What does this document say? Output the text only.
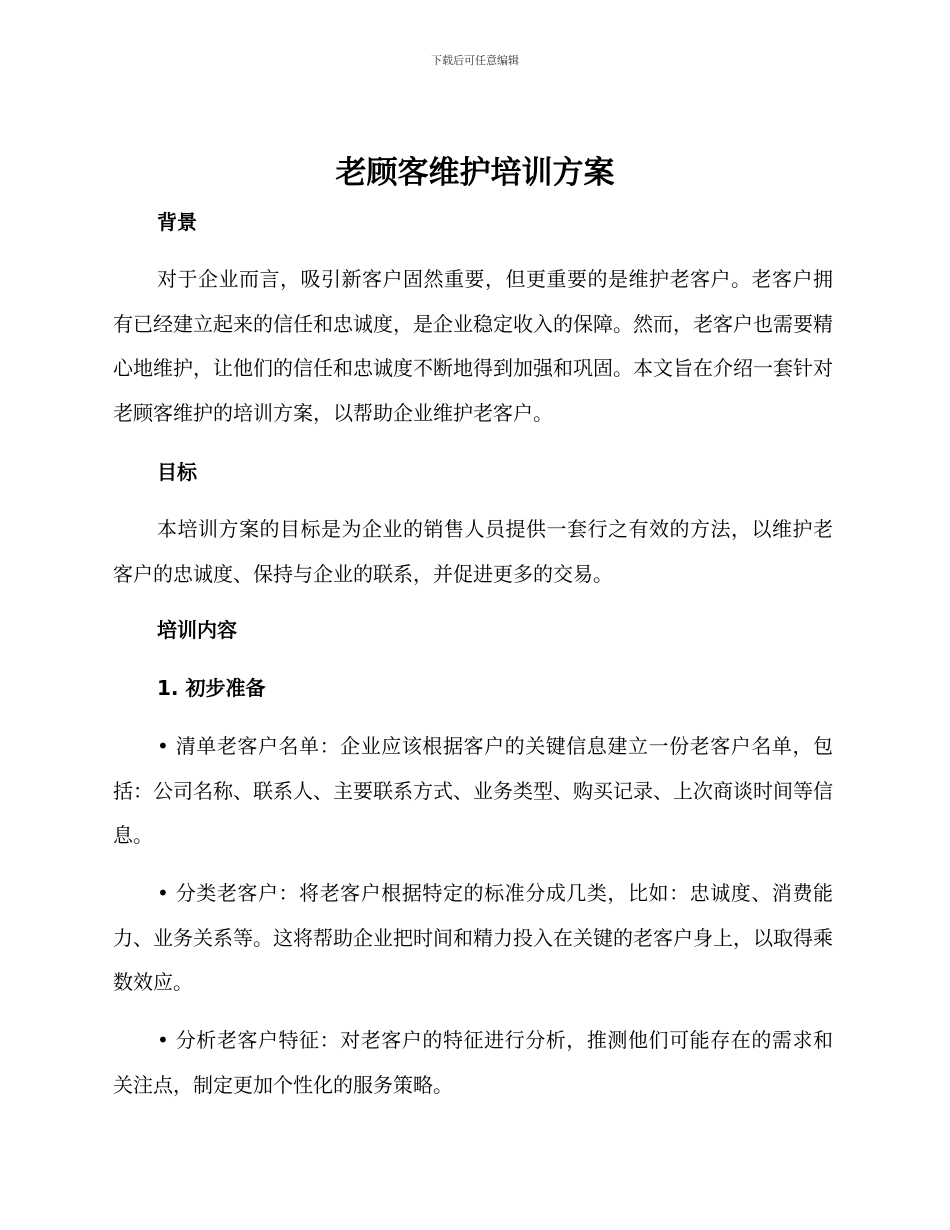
下载后可任意编辑
老顾客维护培训方案
背景

对于企业而言，吸引新客户固然重要，但更重要的是维护老客户。老客户拥有已经建立起来的信任和忠诚度，是企业稳定收入的保障。然而，老客户也需要精心地维护，让他们的信任和忠诚度不断地得到加强和巩固。本文旨在介绍一套针对老顾客维护的培训方案，以帮助企业维护老客户。

目标

本培训方案的目标是为企业的销售人员提供一套行之有效的方法，以维护老客户的忠诚度、保持与企业的联系，并促进更多的交易。

培训内容
1. 初步准备

• 清单老客户名单：企业应该根据客户的关键信息建立一份老客户名单，包括：公司名称、联系人、主要联系方式、业务类型、购买记录、上次商谈时间等信息。

• 分类老客户：将老客户根据特定的标准分成几类，比如：忠诚度、消费能力、业务关系等。这将帮助企业把时间和精力投入在关键的老客户身上，以取得乘数效应。

• 分析老客户特征：对老客户的特征进行分析，推测他们可能存在的需求和关注点，制定更加个性化的服务策略。
